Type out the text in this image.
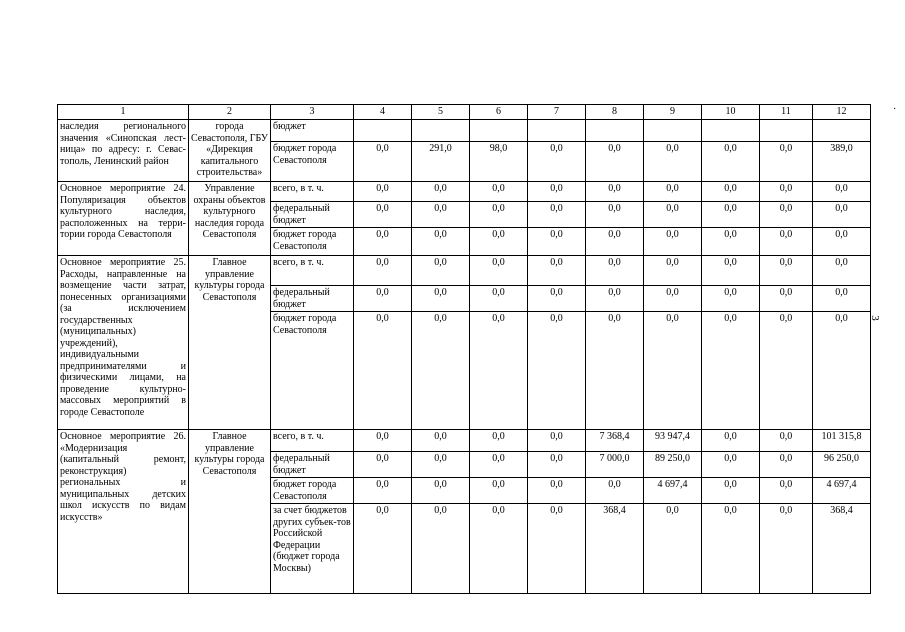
·
3
1	2	3	4	5	6	7	8	9	10	11	12
наследия регионального значения «Синопская лест-ница» по адресу: г. Севас-тополь, Ленинский район	города Севастополя, ГБУ «Дирекция капитального строительства»	бюджет									
		бюджет города Севастополя	0,0	291,0	98,0	0,0	0,0	0,0	0,0	0,0	389,0
Основное мероприятие 24. Популяризация объектов культурного наследия, расположенных на терри-тории города Севастополя	Управление охраны объектов культурного наследия города Севастополя	всего, в т. ч.	0,0	0,0	0,0	0,0	0,0	0,0	0,0	0,0	0,0
		федеральный бюджет	0,0	0,0	0,0	0,0	0,0	0,0	0,0	0,0	0,0
		бюджет города Севастополя	0,0	0,0	0,0	0,0	0,0	0,0	0,0	0,0	0,0
Основное мероприятие 25. Расходы, направленные на возмещение части затрат, понесенных организациями (за исключением государственных (муниципальных) учреждений), индивидуальными предпринимателями и физическими лицами, на проведение культурно-массовых мероприятий в городе Севастополе	Главное управление культуры города Севастополя	всего, в т. ч.	0,0	0,0	0,0	0,0	0,0	0,0	0,0	0,0	0,0
		федеральный бюджет	0,0	0,0	0,0	0,0	0,0	0,0	0,0	0,0	0,0
		бюджет города Севастополя	0,0	0,0	0,0	0,0	0,0	0,0	0,0	0,0	0,0
Основное мероприятие 26. «Модернизация (капитальный ремонт, реконструкция) региональных и муниципальных детских школ искусств по видам искусств»	Главное управление культуры города Севастополя	всего, в т. ч.	0,0	0,0	0,0	0,0	7 368,4	93 947,4	0,0	0,0	101 315,8
		федеральный бюджет	0,0	0,0	0,0	0,0	7 000,0	89 250,0	0,0	0,0	96 250,0
		бюджет города Севастополя	0,0	0,0	0,0	0,0	0,0	4 697,4	0,0	0,0	4 697,4
		за счет бюджетов других субъек-тов Российской Федерации (бюджет города Москвы)	0,0	0,0	0,0	0,0	368,4	0,0	0,0	0,0	368,4
